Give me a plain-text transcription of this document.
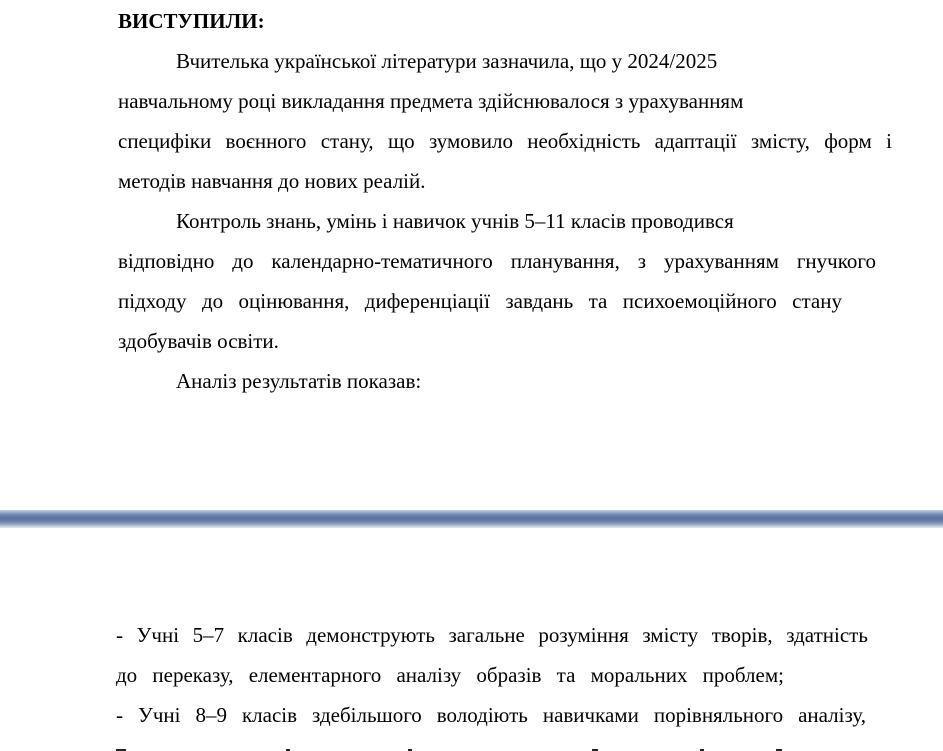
ВИСТУПИЛИ:
Вчителька української літератури зазначила, що у 2024/2025
навчальному році викладання предмета здійснювалося з урахуванням
специфіки воєнного стану, що зумовило необхідність адаптації змісту, форм і
методів навчання до нових реалій.
Контроль знань, умінь і навичок учнів 5–11 класів проводився
відповідно до календарно-тематичного планування, з урахуванням гнучкого
підходу до оцінювання, диференціації завдань та психоемоційного стану
здобувачів освіти.
Аналіз результатів показав:
- Учні 5–7 класів демонструють загальне розуміння змісту творів, здатність
до переказу, елементарного аналізу образів та моральних проблем;
- Учні 8–9 класів здебільшого володіють навичками порівняльного аналізу,
